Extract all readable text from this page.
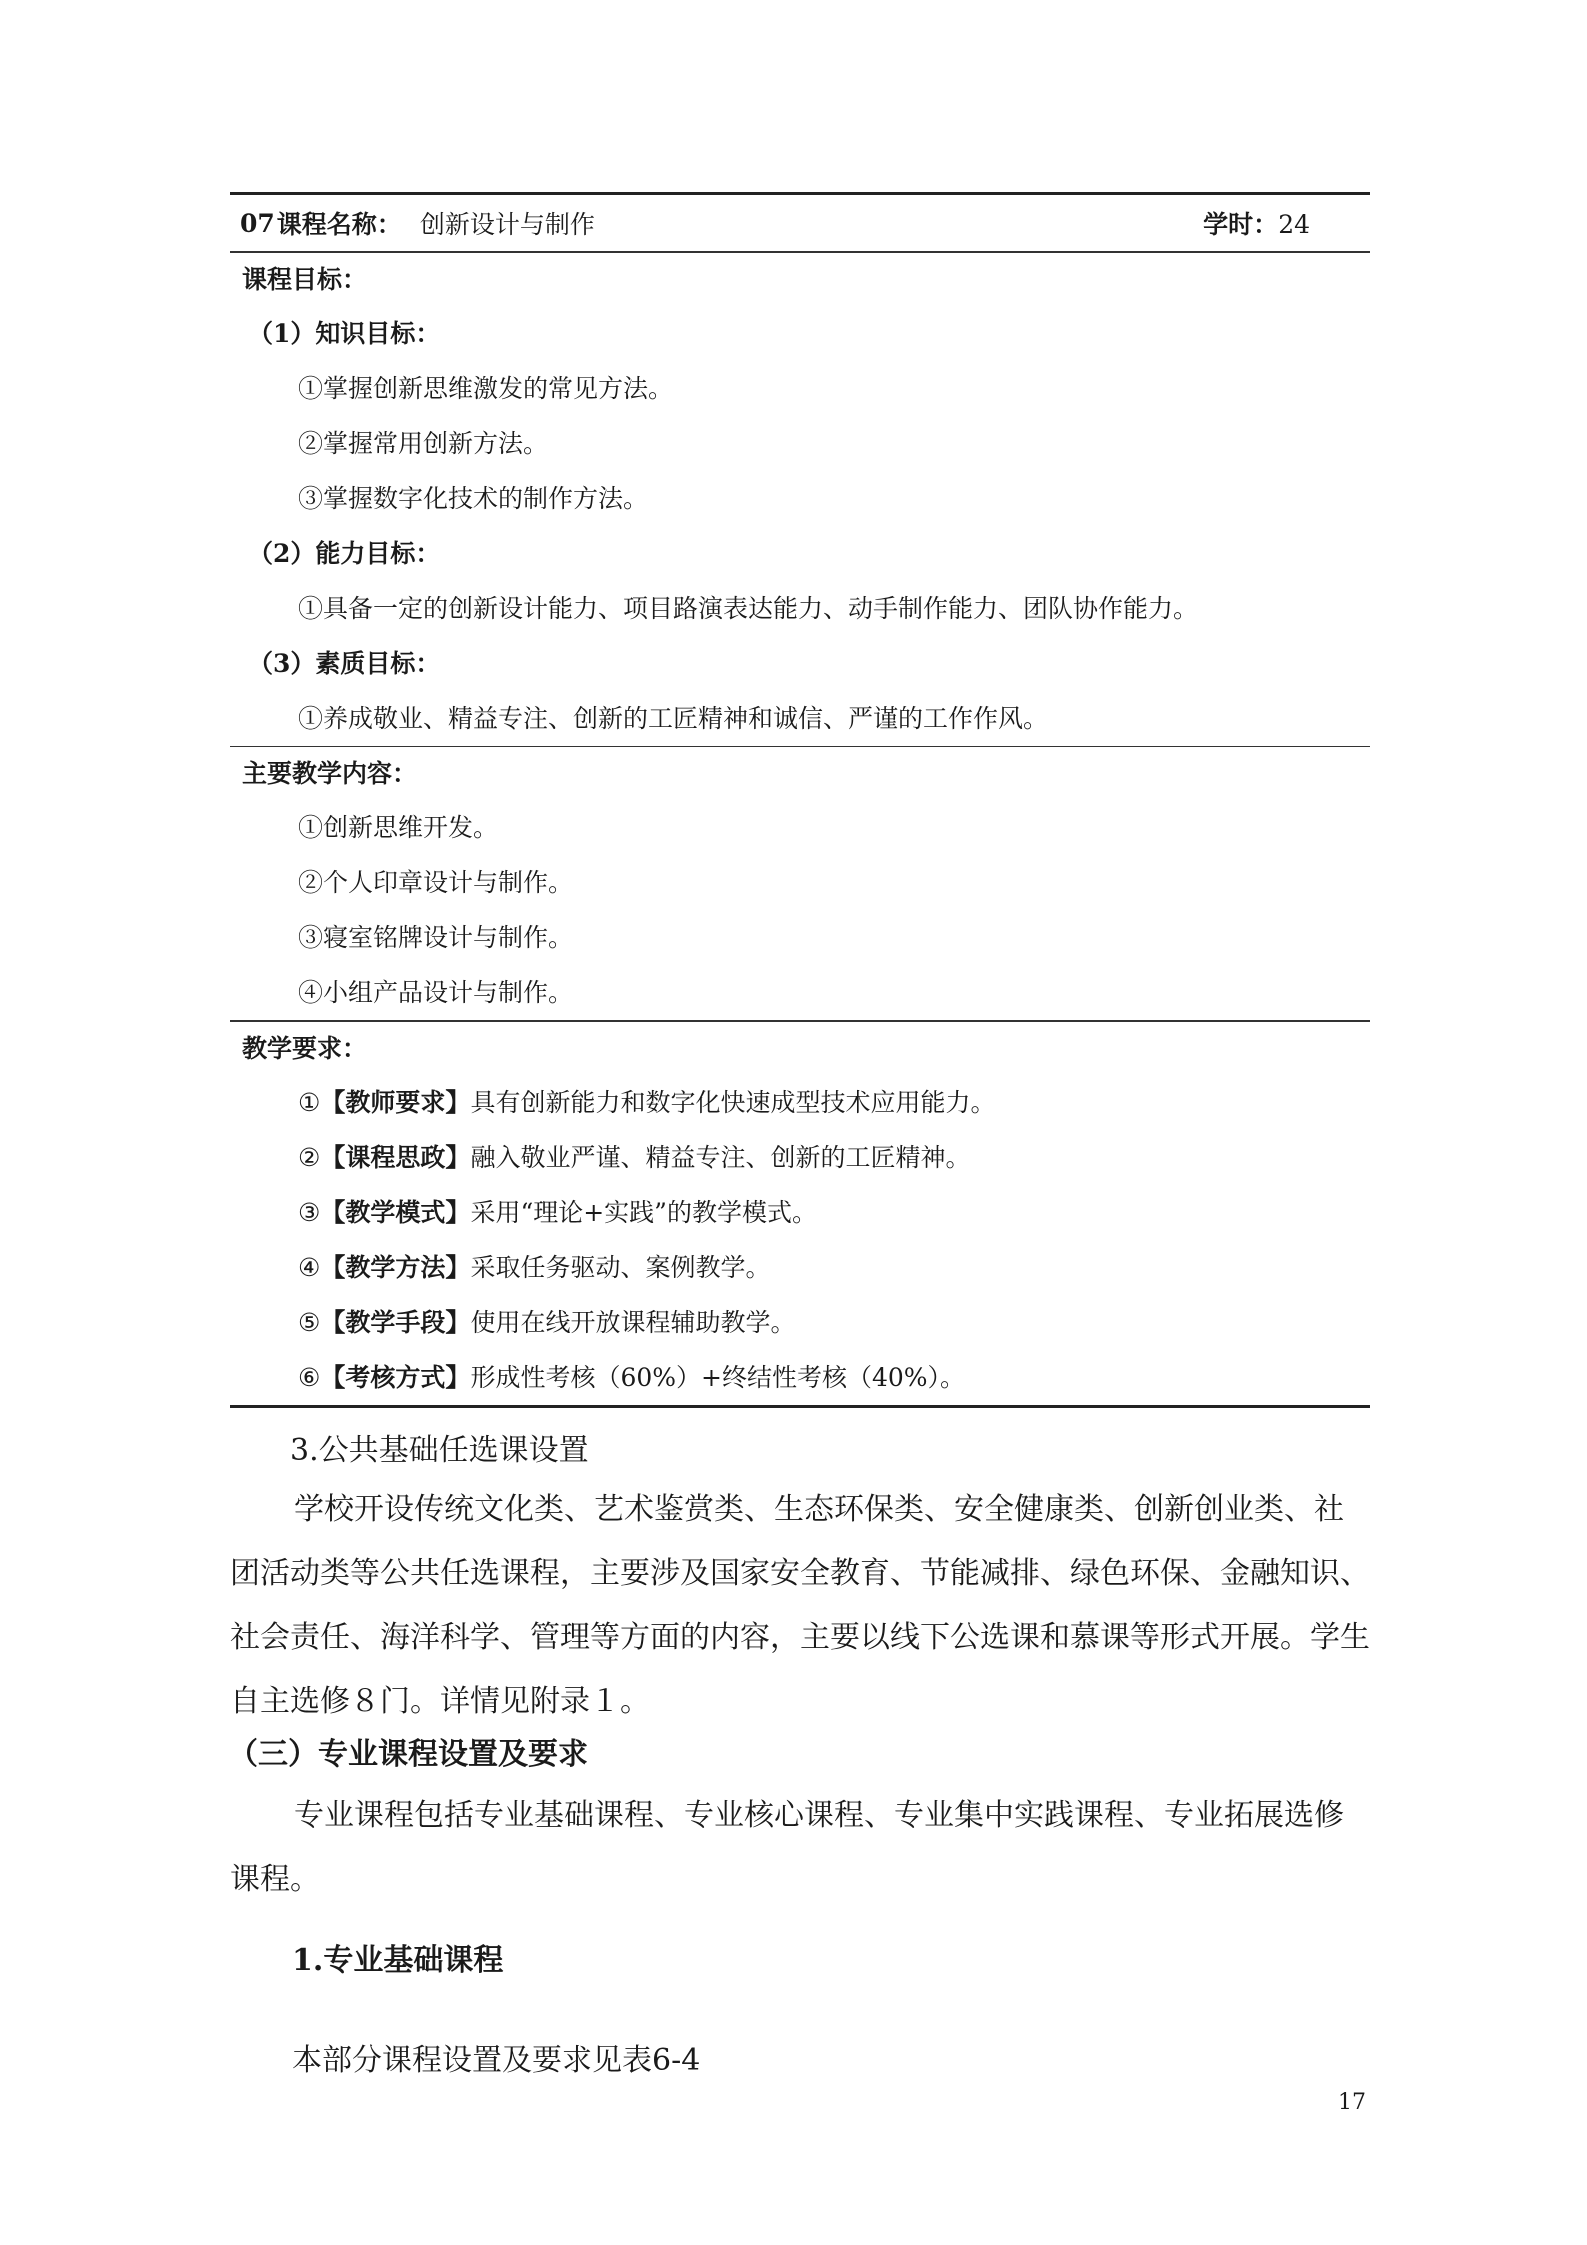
07 课程名称： 创新设计与制作	学时：24
课程目标：
（1）知识目标：
①掌握创新思维激发的常见方法。
②掌握常用创新方法。
③掌握数字化技术的制作方法。
（2）能力目标：
①具备一定的创新设计能力、项目路演表达能力、动手制作能力、团队协作能力。
（3）素质目标：
①养成敬业、精益专注、创新的工匠精神和诚信、严谨的工作作风。
主要教学内容：
①创新思维开发。
②个人印章设计与制作。
③寝室铭牌设计与制作。
④小组产品设计与制作。
教学要求：
①【教师要求】具有创新能力和数字化快速成型技术应用能力。
②【课程思政】融入敬业严谨、精益专注、创新的工匠精神。
③【教学模式】采用“理论+实践”的教学模式。
④【教学方法】采取任务驱动、案例教学。
⑤【教学手段】使用在线开放课程辅助教学。
⑥【考核方式】形成性考核（60%）+终结性考核（40%）。
3.公共基础任选课设置
学校开设传统文化类、艺术鉴赏类、生态环保类、安全健康类、创新创业类、社团活动类等公共任选课程，主要涉及国家安全教育、节能减排、绿色环保、金融知识、社会责任、海洋科学、管理等方面的内容，主要以线下公选课和慕课等形式开展。学生自主选修８门。详情见附录１。
（三）专业课程设置及要求
专业课程包括专业基础课程、专业核心课程、专业集中实践课程、专业拓展选修课程。
1.专业基础课程
本部分课程设置及要求见表6-4
17
